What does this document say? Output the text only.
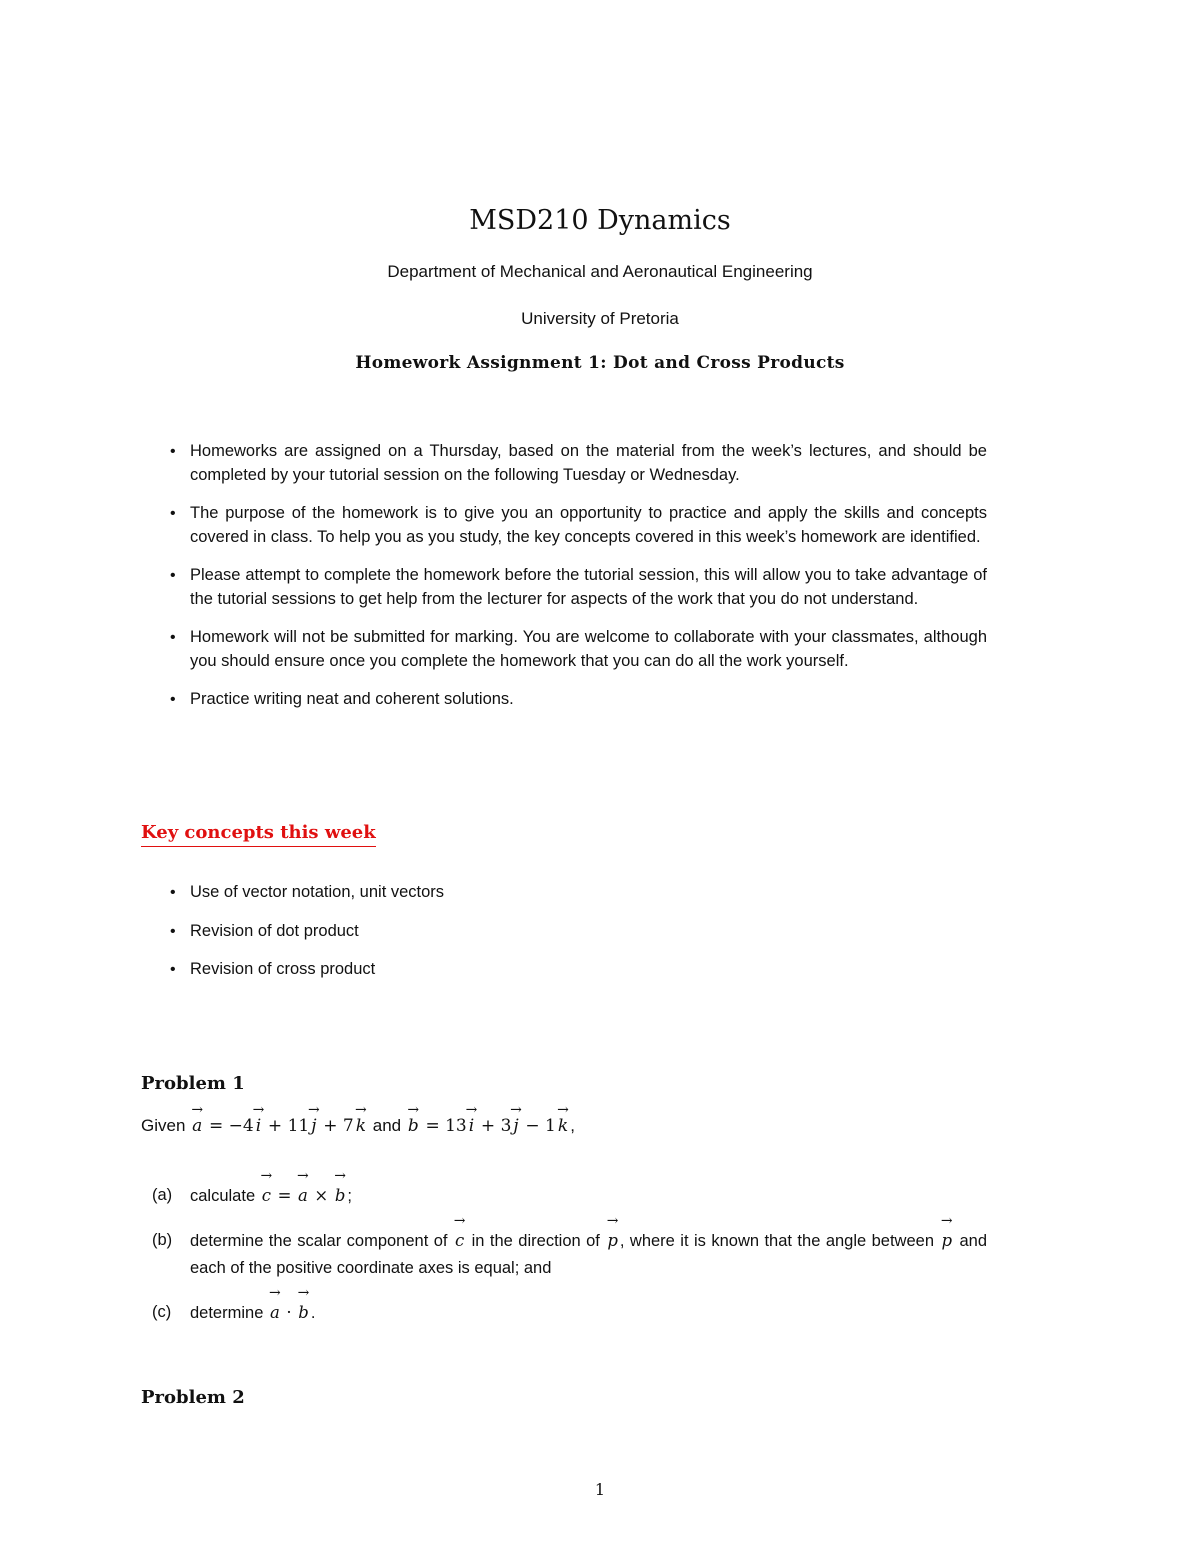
MSD210 Dynamics
Department of Mechanical and Aeronautical Engineering
University of Pretoria
Homework Assignment 1: Dot and Cross Products
• Homeworks are assigned on a Thursday, based on the material from the week’s lectures, and should be completed by your tutorial session on the following Tuesday or Wednesday.
• The purpose of the homework is to give you an opportunity to practice and apply the skills and concepts covered in class. To help you as you study, the key concepts covered in this week’s homework are identified.
• Please attempt to complete the homework before the tutorial session, this will allow you to take advantage of the tutorial sessions to get help from the lecturer for aspects of the work that you do not understand.
• Homework will not be submitted for marking. You are welcome to collaborate with your classmates, although you should ensure once you complete the homework that you can do all the work yourself.
• Practice writing neat and coherent solutions.
Key concepts this week
• Use of vector notation, unit vectors
• Revision of dot product
• Revision of cross product
Problem 1
Given → a = −4 → i + 11 → j + 7 → k and → b = 13 → i + 3 → j − 1 → k ,
(a) calculate → c = → a × → b ;
(b) determine the scalar component of → c in the direction of → p , where it is known that the angle between → p and each of the positive coordinate axes is equal; and
(c) determine → a · → b .
Problem 2
1
